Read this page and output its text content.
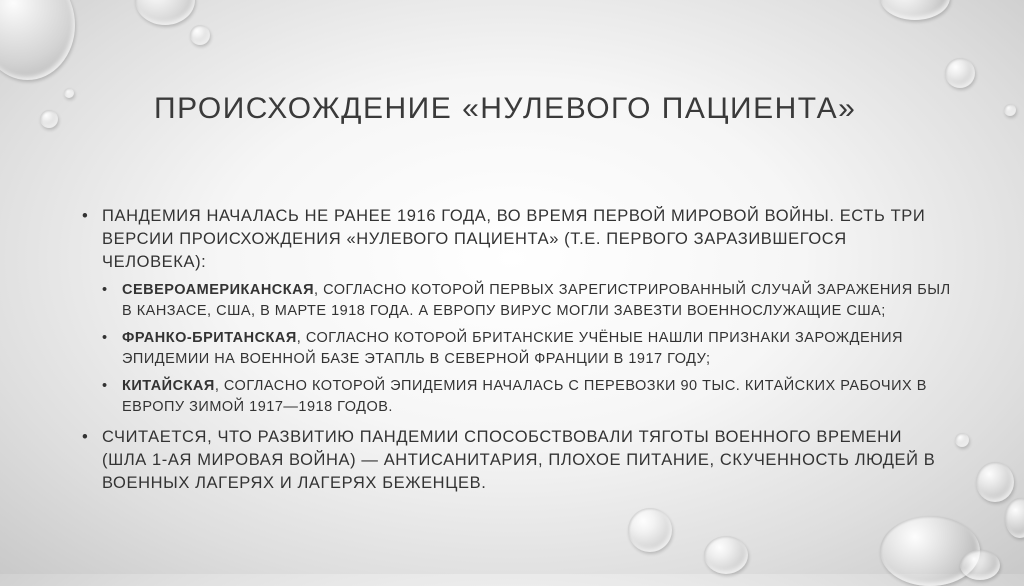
ПРОИСХОЖДЕНИЕ «НУЛЕВОГО ПАЦИЕНТА»
• ПАНДЕМИЯ НАЧАЛАСЬ НЕ РАНЕЕ 1916 ГОДА, ВО ВРЕМЯ ПЕРВОЙ МИРОВОЙ ВОЙНЫ. ЕСТЬ ТРИ ВЕРСИИ ПРОИСХОЖДЕНИЯ «НУЛЕВОГО ПАЦИЕНТА» (Т.Е. ПЕРВОГО ЗАРАЗИВШЕГОСЯ ЧЕЛОВЕКА):
• СЕВЕРОАМЕРИКАНСКАЯ, СОГЛАСНО КОТОРОЙ ПЕРВЫХ ЗАРЕГИСТРИРОВАННЫЙ СЛУЧАЙ ЗАРАЖЕНИЯ БЫЛ В КАНЗАСЕ, США, В МАРТЕ 1918 ГОДА. А ЕВРОПУ ВИРУС МОГЛИ ЗАВЕЗТИ ВОЕННОСЛУЖАЩИЕ США;
• ФРАНКО-БРИТАНСКАЯ, СОГЛАСНО КОТОРОЙ БРИТАНСКИЕ УЧЁНЫЕ НАШЛИ ПРИЗНАКИ ЗАРОЖДЕНИЯ ЭПИДЕМИИ НА ВОЕННОЙ БАЗЕ ЭТАПЛЬ В СЕВЕРНОЙ ФРАНЦИИ В 1917 ГОДУ;
• КИТАЙСКАЯ, СОГЛАСНО КОТОРОЙ ЭПИДЕМИЯ НАЧАЛАСЬ С ПЕРЕВОЗКИ 90 ТЫС. КИТАЙСКИХ РАБОЧИХ В ЕВРОПУ ЗИМОЙ 1917—1918 ГОДОВ.
• СЧИТАЕТСЯ, ЧТО РАЗВИТИЮ ПАНДЕМИИ СПОСОБСТВОВАЛИ ТЯГОТЫ ВОЕННОГО ВРЕМЕНИ (ШЛА 1-АЯ МИРОВАЯ ВОЙНА) — АНТИСАНИТАРИЯ, ПЛОХОЕ ПИТАНИЕ, СКУЧЕННОСТЬ ЛЮДЕЙ В ВОЕННЫХ ЛАГЕРЯХ И ЛАГЕРЯХ БЕЖЕНЦЕВ.
